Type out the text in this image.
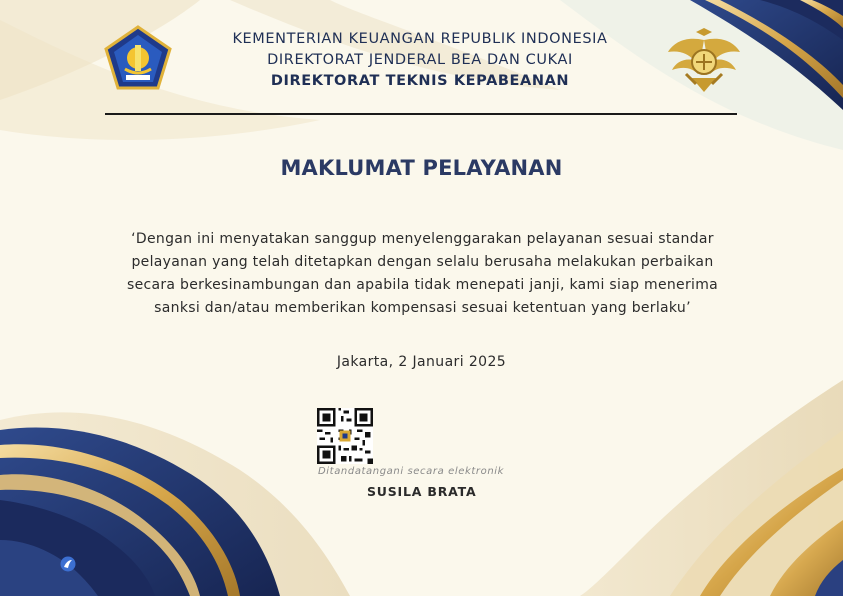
KEMENTERIAN KEUANGAN REPUBLIK INDONESIA
DIREKTORAT JENDERAL BEA DAN CUKAI
DIREKTORAT TEKNIS KEPABEANAN
MAKLUMAT PELAYANAN
‘Dengan ini menyatakan sanggup menyelenggarakan pelayanan sesuai standar
pelayanan yang telah ditetapkan dengan selalu berusaha melakukan perbaikan
secara berkesinambungan dan apabila tidak menepati janji, kami siap menerima
sanksi dan/atau memberikan kompensasi sesuai ketentuan yang berlaku’
Jakarta, 2 Januari 2025
Ditandatangani secara elektronik
SUSILA BRATA
